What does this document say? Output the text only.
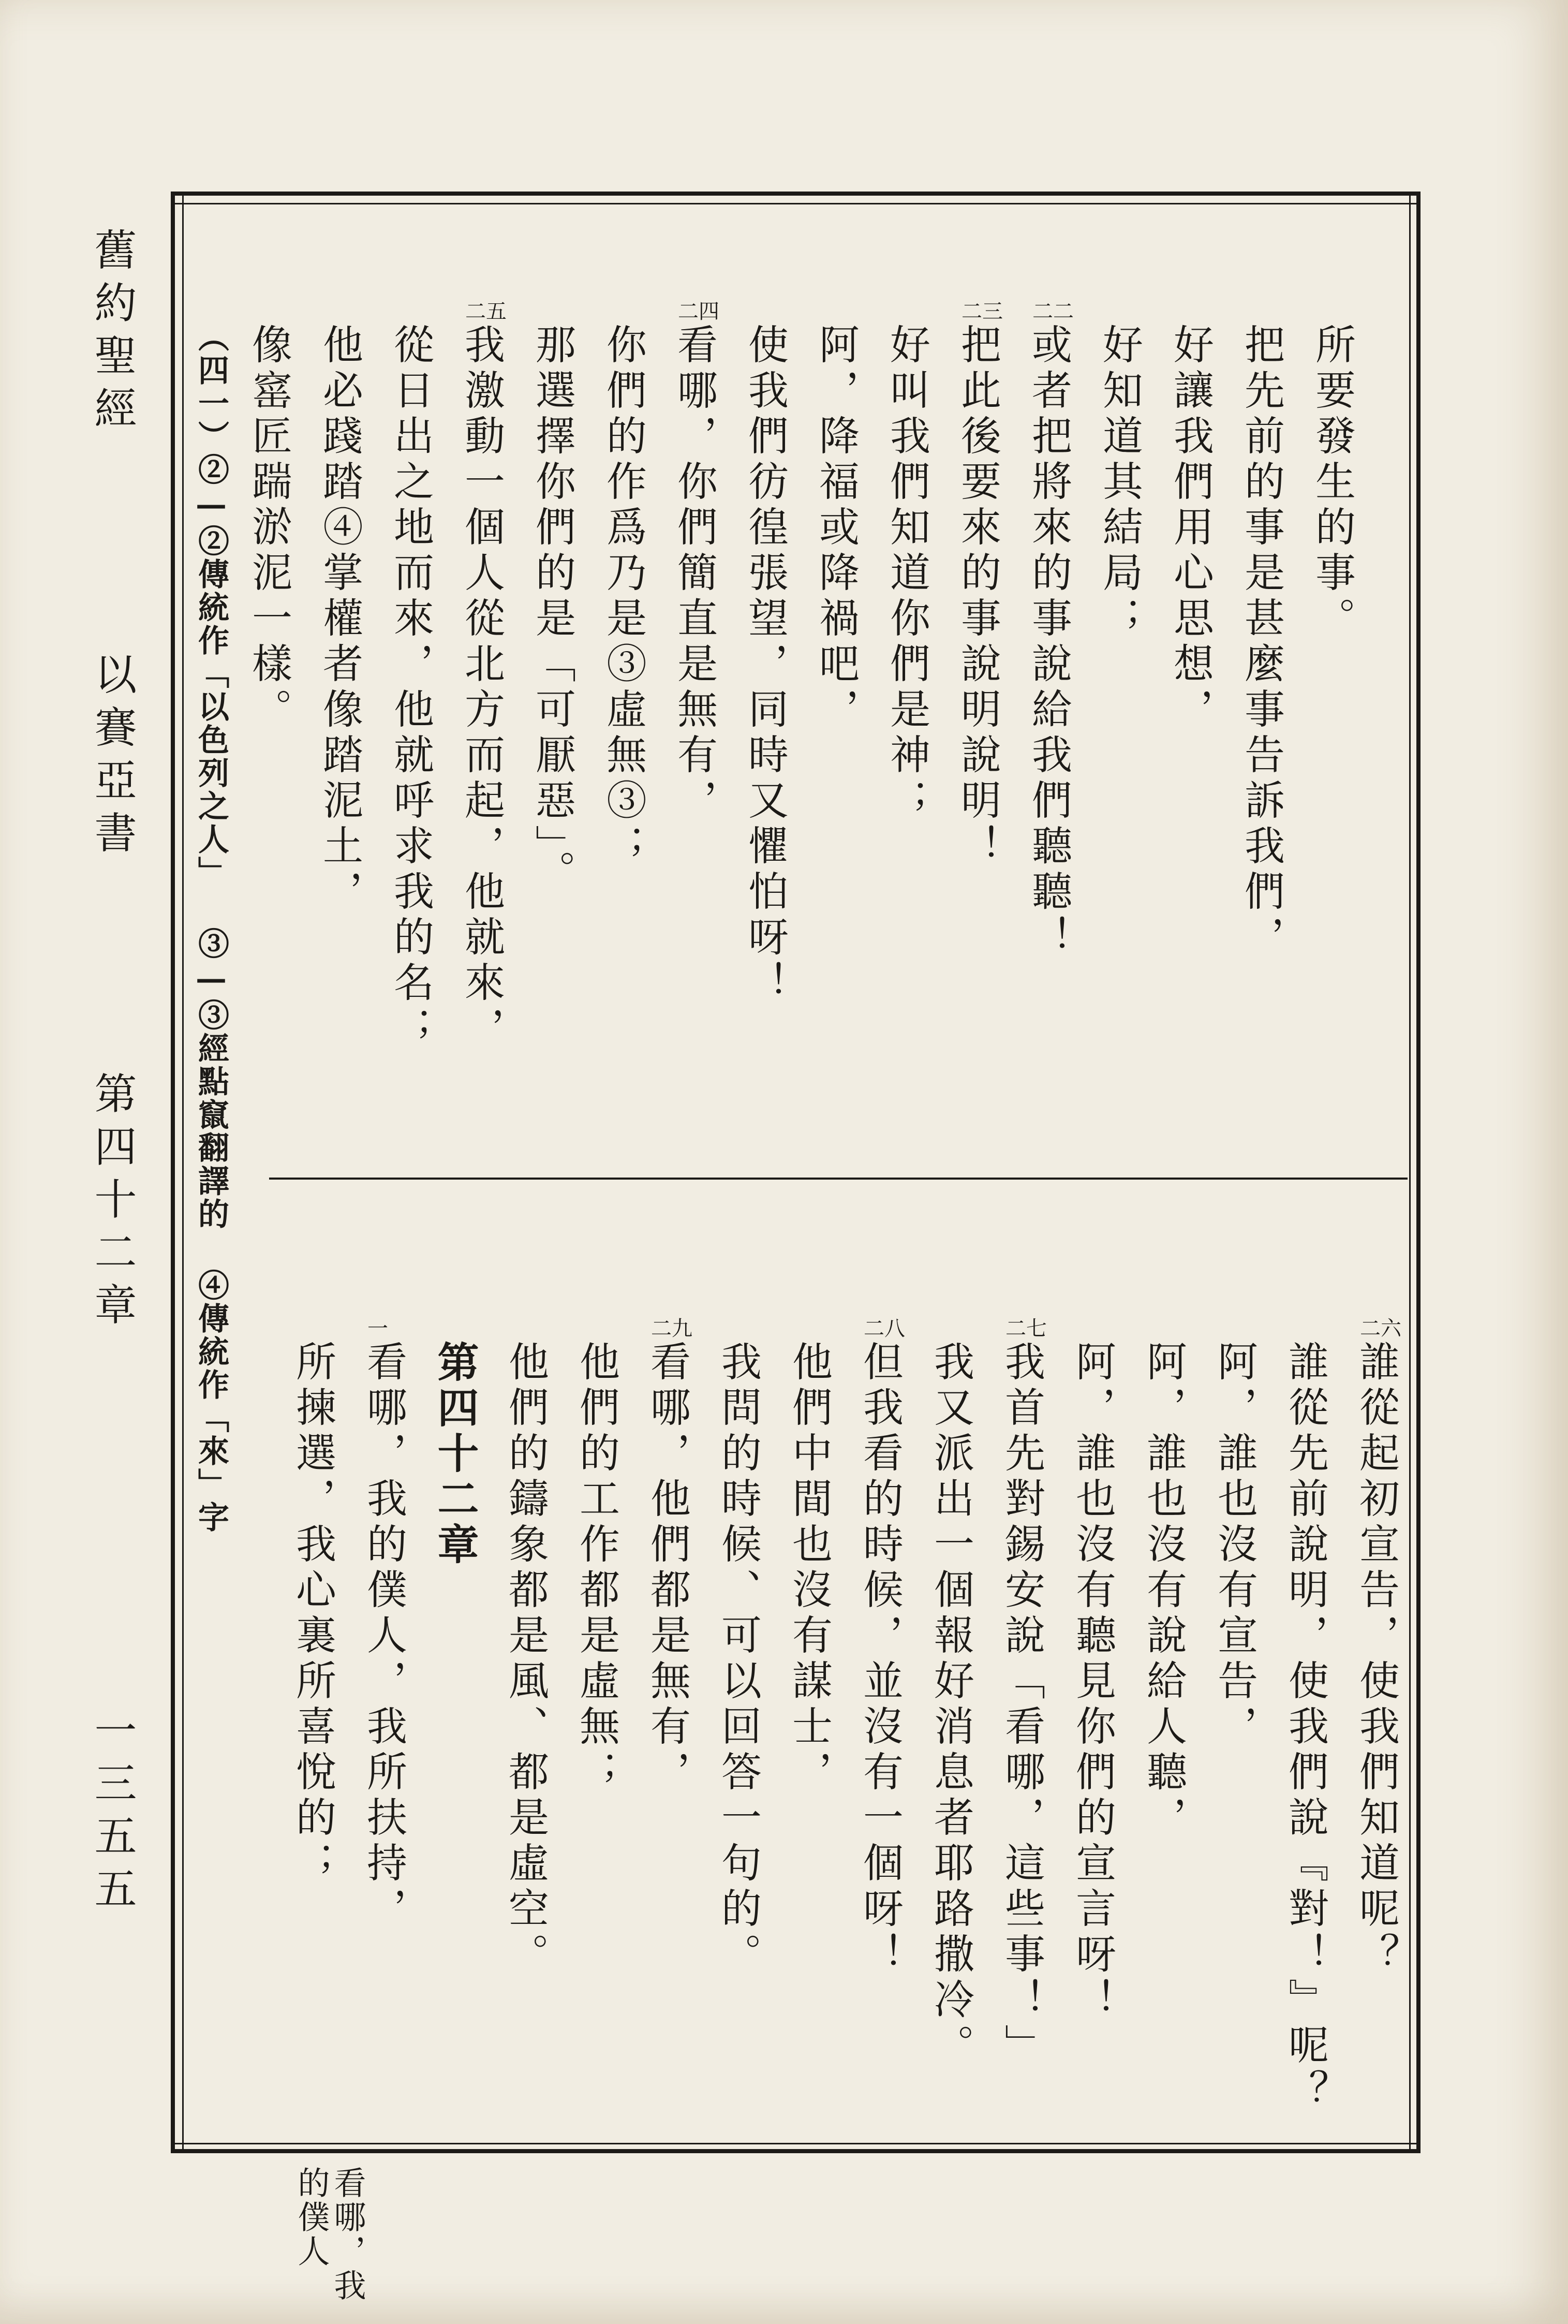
舊約聖經
以賽亞書
第四十二章
一三五五
所要發生的事。
把先前的事是甚麼事告訴我們，
好讓我們用心思想，
好知道其結局；
或者把將來的事說給我們聽聽！
二二
把此後要來的事說明說明！
二三
好叫我們知道你們是神；
阿，降福或降禍吧，
使我們彷徨張望，同時又懼怕呀！
看哪，你們簡直是無有，
二四
你們的作爲乃是③虛無③；
那選擇你們的是「可厭惡」。
我激動一個人從北方而起，他就來，
二五
從日出之地而來，他就呼求我的名；
他必踐踏④掌權者像踏泥土，
像窰匠踹淤泥一樣。
誰從起初宣告，使我們知道呢？
二六
誰從先前說明，使我們說『對！』呢？
阿，誰也沒有宣告，
阿，誰也沒有說給人聽，
阿，誰也沒有聽見你們的宣言呀！
我首先對錫安說「看哪，這些事！」
二七
我又派出一個報好消息者耶路撒冷。
但我看的時候，並沒有一個呀！
二八
他們中間也沒有謀士，
我問的時候、可以回答一句的。
看哪，他們都是無有，
二九
他們的工作都是虛無；
他們的鑄象都是風、都是虛空。
第四十二章
看哪，我的僕人，我所扶持，
一
所揀選，我心裏所喜悅的；
（四一）②—②傳統作「以色列之人」 ③—③經點竄翻譯的 ④傳統作「來」字
看哪，我
的僕人
